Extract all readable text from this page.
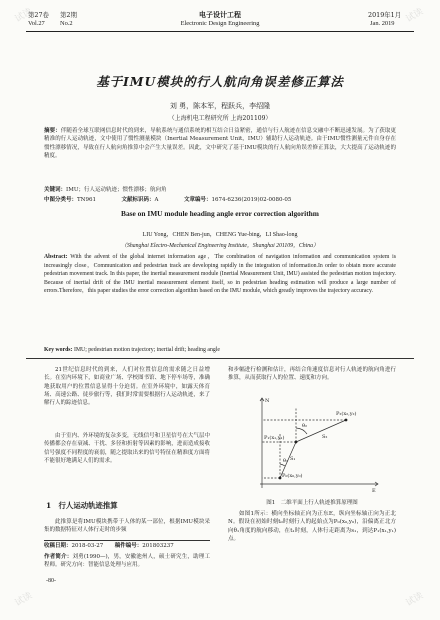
第27卷 第2期	电子设计工程	2019年1月
Vol.27 No.2	Electronic Design Engineering	Jan. 2019
基于IMU模块的行人航向角误差修正算法
刘 勇，陈本军，程跃兵，李绍隆
（上海机电工程研究所 上海201109）
摘要：伴随着全球互联网信息时代的到来，导航系统与通信系统的相互结合日益紧密，通信与行人航迹在信息交融中不断迅速发展。为了获取更精准的行人运动轨迹，文中使用了惯性测量模块（Inertial Measurement Unit，IMU）辅助行人运动轨迹。由于IMU惯性测量元件自身存在惯性漂移情况，导致在行人航向角推算中会产生大量误差。因此，文中研究了基于IMU模块的行人航向角误差修正算法，大大提高了运动轨迹的精度。
关键词：IMU；行人运动轨迹；惯性漂移；航向角
中图分类号：TN961	文献标识码：A	文章编号：1674-6236(2019)02-0080-05
Base on IMU module heading angle error correction algorithm
LIU Yong，CHEN Ben-jun，CHENG Yue-bing，LI Shao-long
（Shanghai Electro-Mechanical Engineering Institute，Shanghai 201109，China）
Abstract: With the advent of the global internet information age，The combination of navigation information and communication system is increasingly close，Communication and pedestrian track are developing rapidly in the integration of information.In order to obtain more accurate pedestrian movement track. In this paper, the inertial measurement module (Inertial Measurement Unit, IMU) assisted the pedestrian motion trajectory. Because of inertial drift of the IMU inertial measurement element itself, so in pedestrian heading estimation will produce a large number of errors.Therefore，this paper studies the error correction algorithm based on the IMU module, which greatly improves the trajectory accuracy.
Key words: IMU; pedestrian motion trajectory; inertial drift; heading angle
21世纪信息时代的到来，人们对位置信息的需求随之日益增长。在室内环境下，如商业广场、学校图书馆、地下停车场等，准确地获取用户的位置信息显得十分迫切。在室外环境中，如露天体育场、高速公路、徒步旅行等，我们时常需要根据行人运动轨迹，来了解行人的踪迹信息。
由于室内、外环境的复杂多变，无线信号和卫星信号在大气层中传播都会存在衰减、干扰、多径和折射等因素的影响，进而造成接收信号强度不同程度的衰弱，随之提取出来的信号特征在精准度方面将不能很好地满足人们的需求。
1　行人运动轨迹推算
此推算是将IMU模块携带于人体的某一部位，根据IMU模块采集的数据特征对人体行走时的步频
收稿日期：2018-03-27 稿件编号：201803237
作者简介：刘勇(1990—)，男，安徽池州人，硕士研究生，助理工程师。研究方向：智能信息处理与应用。
-80-
和步幅进行检测和估计，再结合角速度信息对行人轨迹的航向角进行推算，从而获取行人的位置、速度和方向。
E
N
P₀(x₀,y₀)
P₁(x₁,y₁)
P₂(x₂,y₂)
S₁
S₂
θ₁
θ₂
图1　二维平面上行人轨迹推算原理图
如图1所示：横向坐标轴正向为正东E，纵向坐标轴正向为正北N。假设在初始时刻t₀时刻行人的起始点为P₀(x₀,y₀)，沿偏离正北方向θ₁角度的航向移动，在t₁时刻，人体行走距离为s₁，到达P₁(x₁,y₁)点。
试读	试读
试读	试读
